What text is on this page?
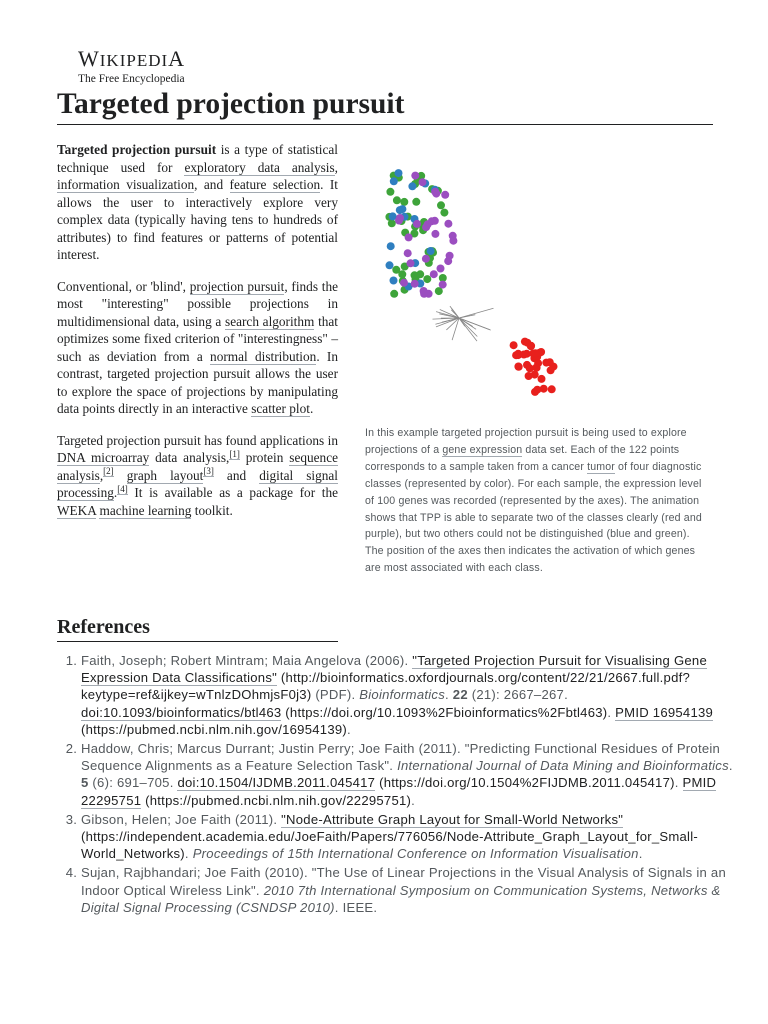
WIKIPEDIA
The Free Encyclopedia
Targeted projection pursuit

Targeted projection pursuit is a type of statistical technique used for exploratory data analysis, information visualization, and feature selection. It allows the user to interactively explore very complex data (typically having tens to hundreds of attributes) to find features or patterns of potential interest.

Conventional, or 'blind', projection pursuit, finds the most "interesting" possible projections in multidimensional data, using a search algorithm that optimizes some fixed criterion of "interestingness" – such as deviation from a normal distribution. In contrast, targeted projection pursuit allows the user to explore the space of projections by manipulating data points directly in an interactive scatter plot.

Targeted projection pursuit has found applications in DNA microarray data analysis,[1] protein sequence analysis,[2] graph layout[3] and digital signal processing.[4] It is available as a package for the WEKA machine learning toolkit.

In this example targeted projection pursuit is being used to explore projections of a gene expression data set. Each of the 122 points corresponds to a sample taken from a cancer tumor of four diagnostic classes (represented by color). For each sample, the expression level of 100 genes was recorded (represented by the axes). The animation shows that TPP is able to separate two of the classes clearly (red and purple), but two others could not be distinguished (blue and green). The position of the axes then indicates the activation of which genes are most associated with each class.
References
1. Faith, Joseph; Robert Mintram; Maia Angelova (2006). "Targeted Projection Pursuit for Visualising Gene Expression Data Classifications" (http://bioinformatics.oxfordjournals.org/content/22/21/2667.full.pdf?keytype=ref&ijkey=wTnlzDOhmjsF0j3) (PDF). Bioinformatics. 22 (21): 2667–267. doi:10.1093/bioinformatics/btl463 (https://doi.org/10.1093%2Fbioinformatics%2Fbtl463). PMID 16954139 (https://pubmed.ncbi.nlm.nih.gov/16954139).
2. Haddow, Chris; Marcus Durrant; Justin Perry; Joe Faith (2011). "Predicting Functional Residues of Protein Sequence Alignments as a Feature Selection Task". International Journal of Data Mining and Bioinformatics. 5 (6): 691–705. doi:10.1504/IJDMB.2011.045417 (https://doi.org/10.1504%2FIJDMB.2011.045417). PMID 22295751 (https://pubmed.ncbi.nlm.nih.gov/22295751).
3. Gibson, Helen; Joe Faith (2011). "Node-Attribute Graph Layout for Small-World Networks" (https://independent.academia.edu/JoeFaith/Papers/776056/Node-Attribute_Graph_Layout_for_Small-World_Networks). Proceedings of 15th International Conference on Information Visualisation.
4. Sujan, Rajbhandari; Joe Faith (2010). "The Use of Linear Projections in the Visual Analysis of Signals in an Indoor Optical Wireless Link". 2010 7th International Symposium on Communication Systems, Networks & Digital Signal Processing (CSNDSP 2010). IEEE.
